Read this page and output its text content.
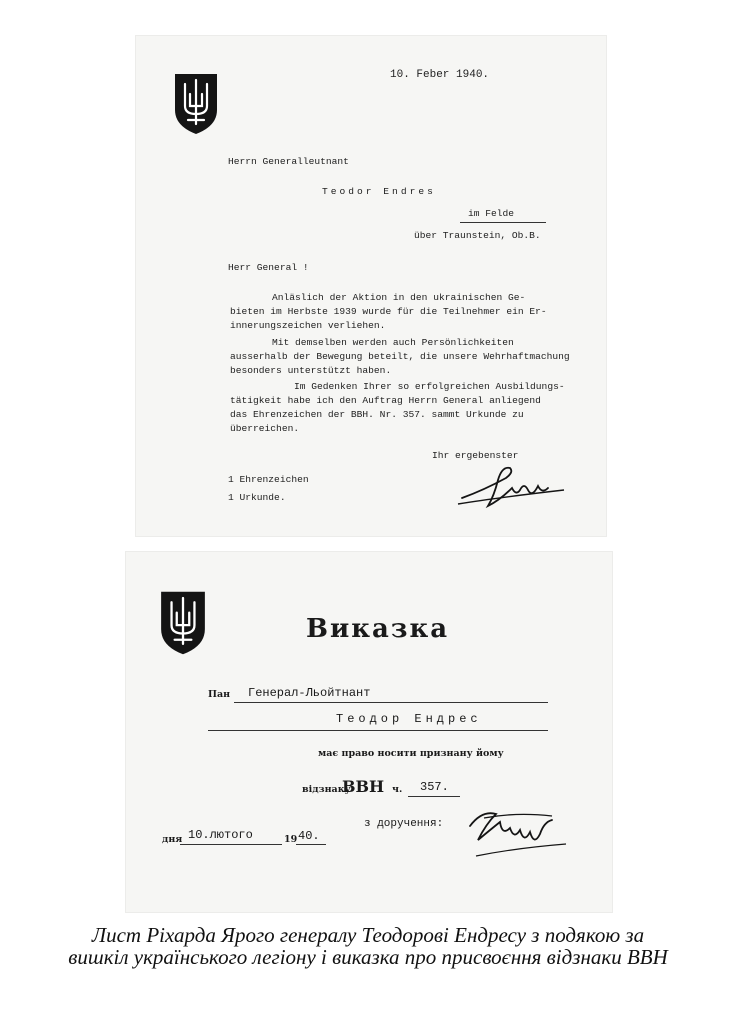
10. Feber 1940.
Herrn Generalleutnant
Teodor Endres
im Felde
über Traunstein, Ob.B.
Herr General !
Anläslich der Aktion in den ukrainischen Ge-
bieten im Herbste 1939 wurde für die Teilnehmer ein Er-
innerungszeichen verliehen.
Mit demselben werden auch Persönlichkeiten
ausserhalb der Bewegung beteilt, die unsere Wehrhaftmachung
besonders unterstützt haben.
Im Gedenken Ihrer so erfolgreichen Ausbildungs-
tätigkeit habe ich den Auftrag Herrn General anliegend
das Ehrenzeichen der BBH. Nr. 357. sammt Urkunde zu
überreichen.
Ihr ergebenster
1 Ehrenzeichen
1 Urkunde.
Виказка
Пан Генерал-Льойтнант
Теодор Ендрес
має право носити признану йому
відзнаку
ВВН ч. 357.
з доручення:
дня 10.лютого	19 40.
Лист Ріхарда Ярого генералу Теодорові Ендресу з подякою за
вишкіл українського легіону і виказка про присвоєння відзнаки ВВН
